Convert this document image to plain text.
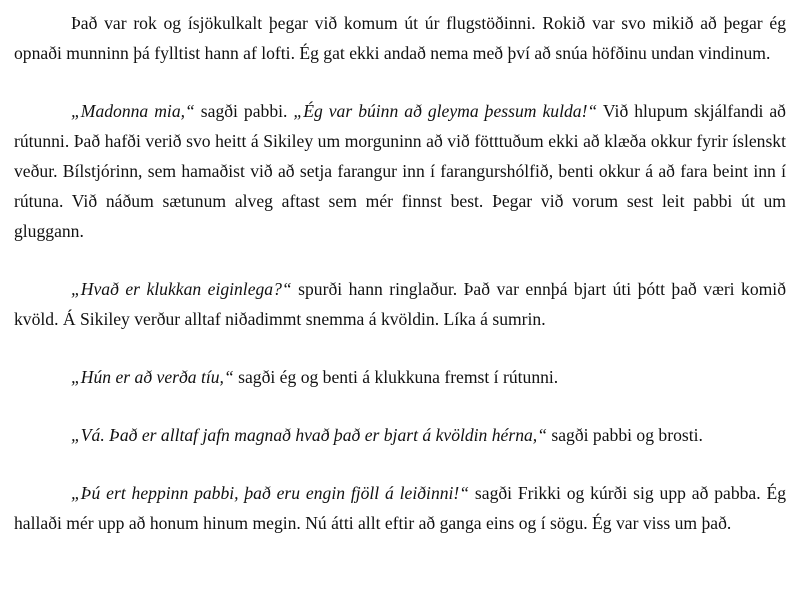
Það var rok og ísjökulkalt þegar við komum út úr flugstöðinni. Rokið var svo mikið að þegar ég opnaði munninn þá fylltist hann af lofti. Ég gat ekki andað nema með því að snúa höfðinu undan vindinum.

„Madonna mia,“ sagði pabbi. „Ég var búinn að gleyma þessum kulda!“ Við hlupum skjálfandi að rútunni. Það hafði verið svo heitt á Sikiley um morguninn að við fötttuðum ekki að klæða okkur fyrir íslenskt veður. Bílstjórinn, sem hamaðist við að setja farangur inn í farangurshólfið, benti okkur á að fara beint inn í rútuna. Við náðum sætunum alveg aftast sem mér finnst best. Þegar við vorum sest leit pabbi út um gluggann.

„Hvað er klukkan eiginlega?“ spurði hann ringlaður. Það var ennþá bjart úti þótt það væri komið kvöld. Á Sikiley verður alltaf niðadimmt snemma á kvöldin. Líka á sumrin.

„Hún er að verða tíu,“ sagði ég og benti á klukkuna fremst í rútunni.

„Vá. Það er alltaf jafn magnað hvað það er bjart á kvöldin hérna,“ sagði pabbi og brosti.

„Þú ert heppinn pabbi, það eru engin fjöll á leiðinni!“ sagði Frikki og kúrði sig upp að pabba. Ég hallaði mér upp að honum hinum megin. Nú átti allt eftir að ganga eins og í sögu. Ég var viss um það.
